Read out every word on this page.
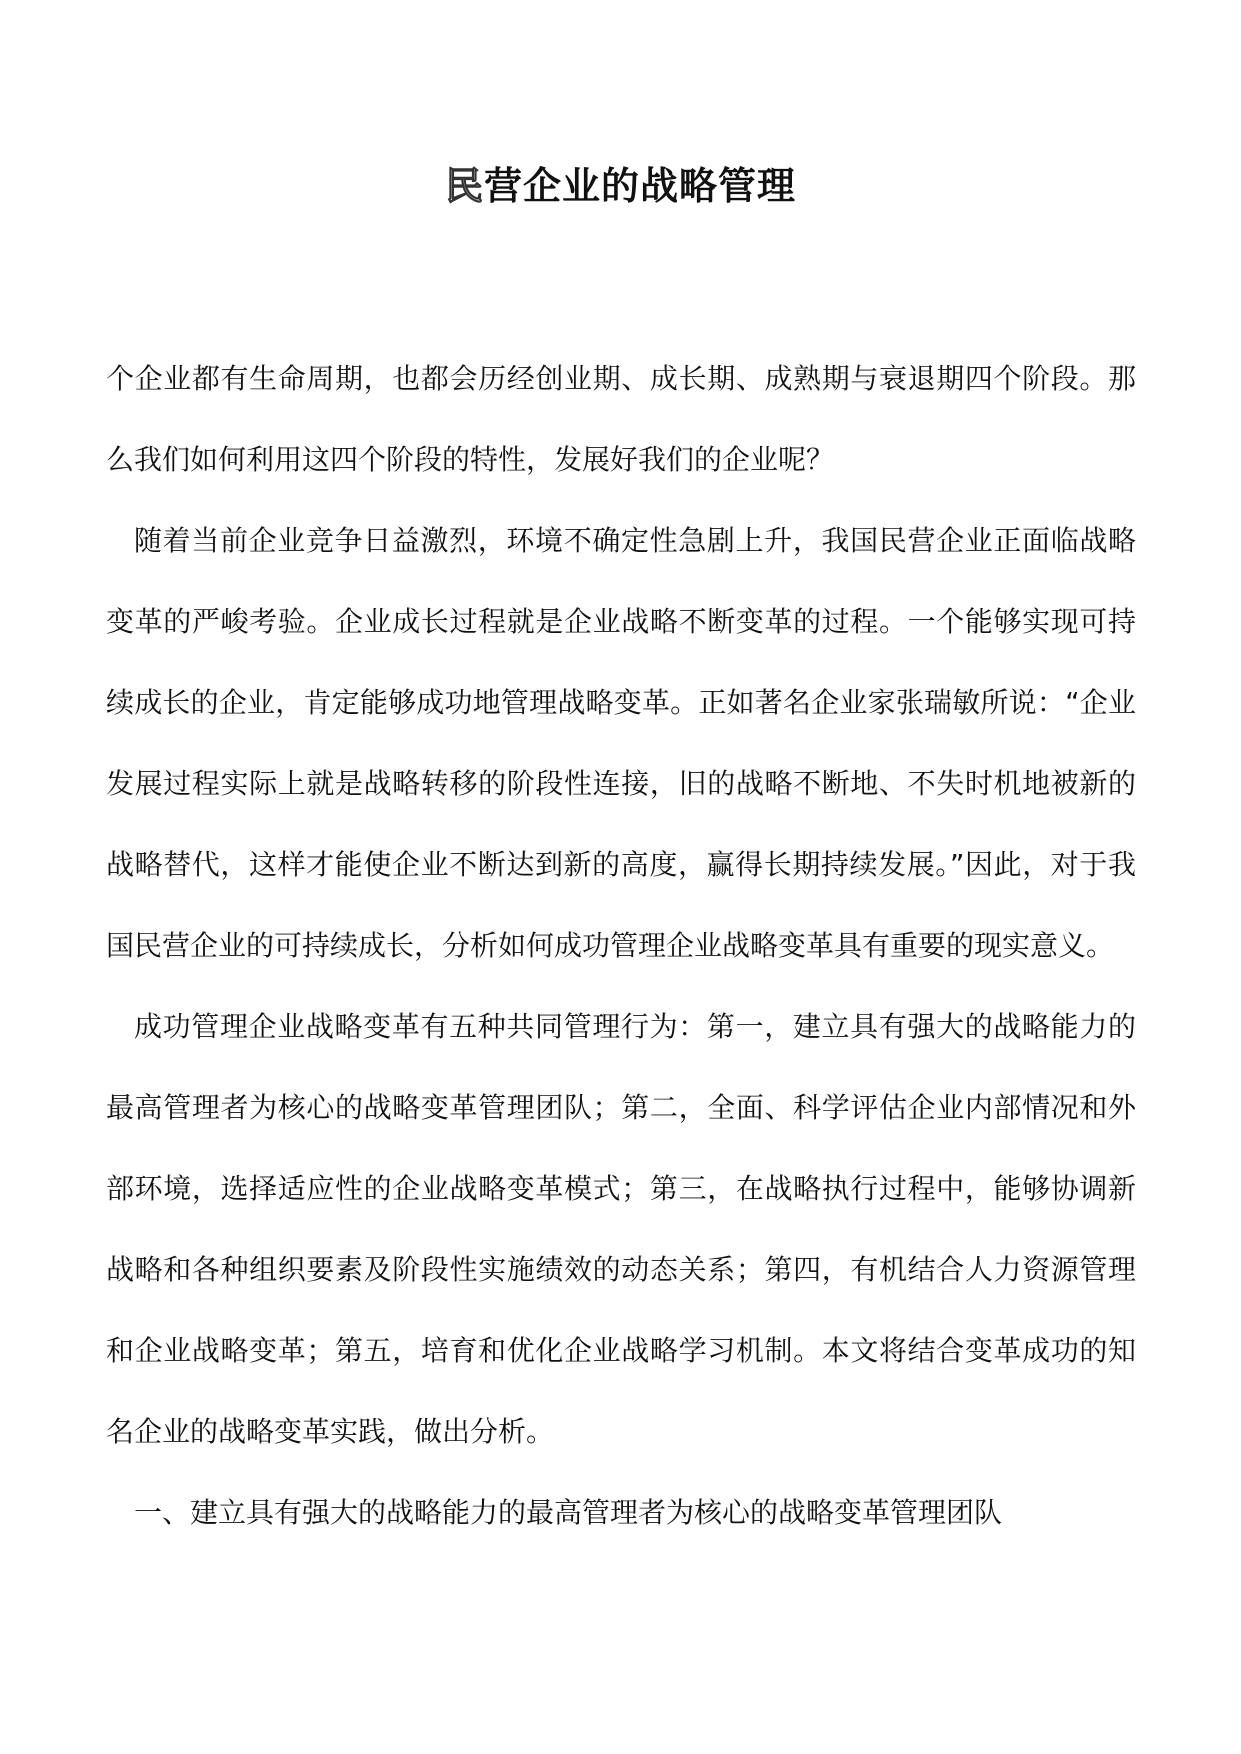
民营企业的战略管理

个企业都有生命周期，也都会历经创业期、成长期、成熟期与衰退期四个阶段。那么我们如何利用这四个阶段的特性，发展好我们的企业呢？

随着当前企业竞争日益激烈，环境不确定性急剧上升，我国民营企业正面临战略变革的严峻考验。企业成长过程就是企业战略不断变革的过程。一个能够实现可持续成长的企业，肯定能够成功地管理战略变革。正如著名企业家张瑞敏所说：“企业发展过程实际上就是战略转移的阶段性连接，旧的战略不断地、不失时机地被新的战略替代，这样才能使企业不断达到新的高度，赢得长期持续发展。”因此，对于我国民营企业的可持续成长，分析如何成功管理企业战略变革具有重要的现实意义。

成功管理企业战略变革有五种共同管理行为：第一，建立具有强大的战略能力的最高管理者为核心的战略变革管理团队；第二，全面、科学评估企业内部情况和外部环境，选择适应性的企业战略变革模式；第三，在战略执行过程中，能够协调新战略和各种组织要素及阶段性实施绩效的动态关系；第四，有机结合人力资源管理和企业战略变革；第五，培育和优化企业战略学习机制。本文将结合变革成功的知名企业的战略变革实践，做出分析。

一、建立具有强大的战略能力的最高管理者为核心的战略变革管理团队
